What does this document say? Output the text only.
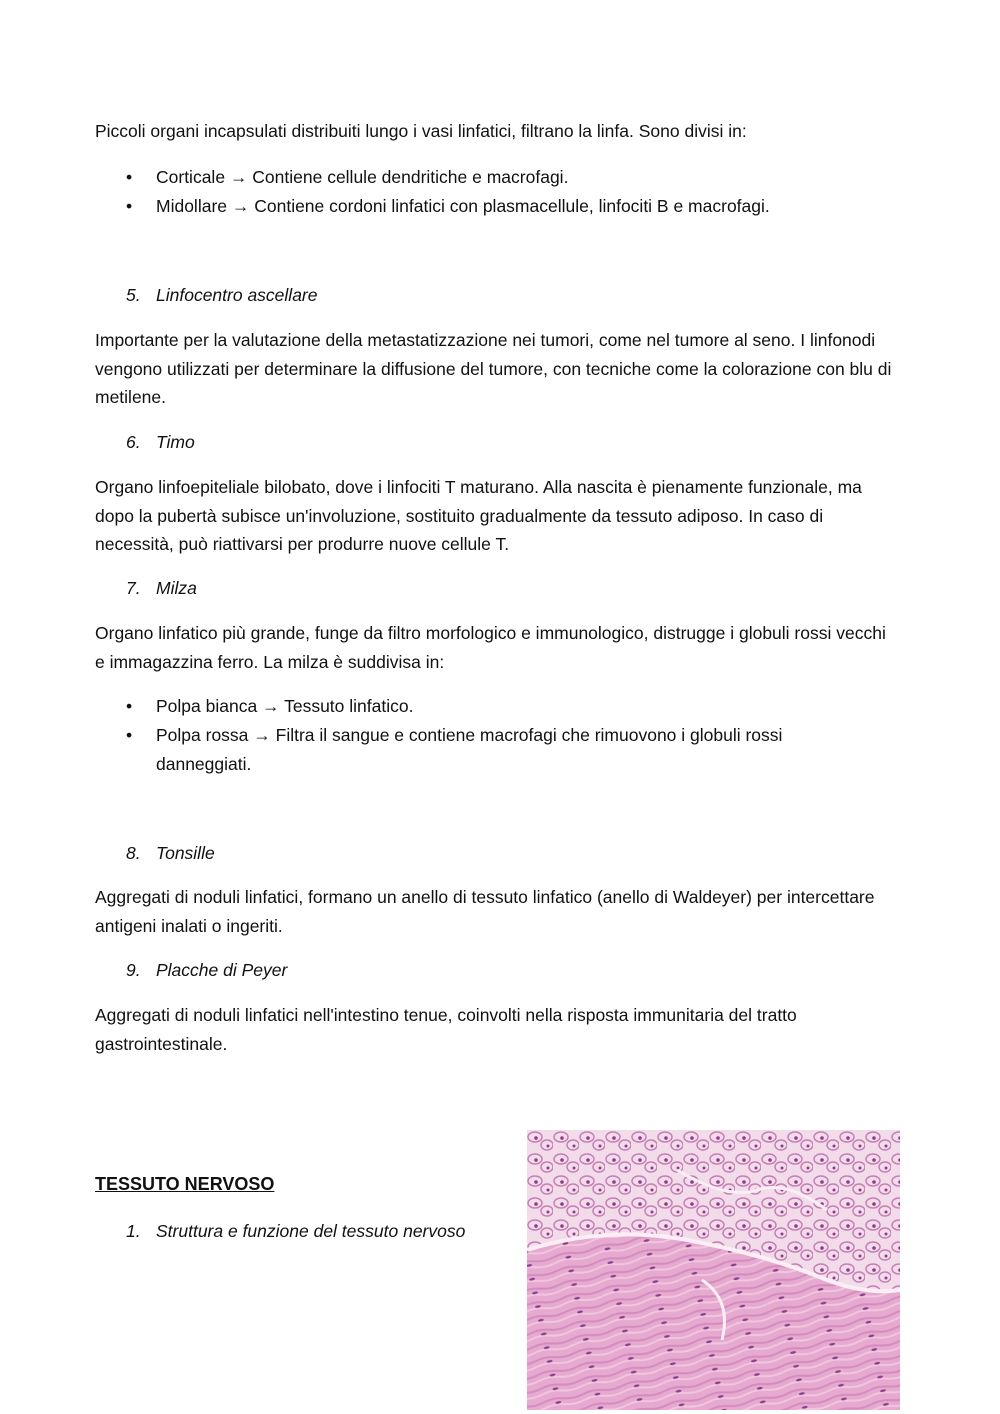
Piccoli organi incapsulati distribuiti lungo i vasi linfatici, filtrano la linfa. Sono divisi in:

•	Corticale → Contiene cellule dendritiche e macrofagi.
•	Midollare → Contiene cordoni linfatici con plasmacellule, linfociti B e macrofagi.
5. Linfocentro ascellare

Importante per la valutazione della metastatizzazione nei tumori, come nel tumore al seno. I linfonodi vengono utilizzati per determinare la diffusione del tumore, con tecniche come la colorazione con blu di metilene.

6. Timo

Organo linfoepiteliale bilobato, dove i linfociti T maturano. Alla nascita è pienamente funzionale, ma dopo la pubertà subisce un'involuzione, sostituito gradualmente da tessuto adiposo. In caso di necessità, può riattivarsi per produrre nuove cellule T.

7. Milza

Organo linfatico più grande, funge da filtro morfologico e immunologico, distrugge i globuli rossi vecchi e immagazzina ferro. La milza è suddivisa in:

•	Polpa bianca → Tessuto linfatico.
•	Polpa rossa → Filtra il sangue e contiene macrofagi che rimuovono i globuli rossi danneggiati.
8. Tonsille

Aggregati di noduli linfatici, formano un anello di tessuto linfatico (anello di Waldeyer) per intercettare antigeni inalati o ingeriti.

9. Placche di Peyer

Aggregati di noduli linfatici nell'intestino tenue, coinvolti nella risposta immunitaria del tratto gastrointestinale.

TESSUTO NERVOSO
1. Struttura e funzione del tessuto nervoso
